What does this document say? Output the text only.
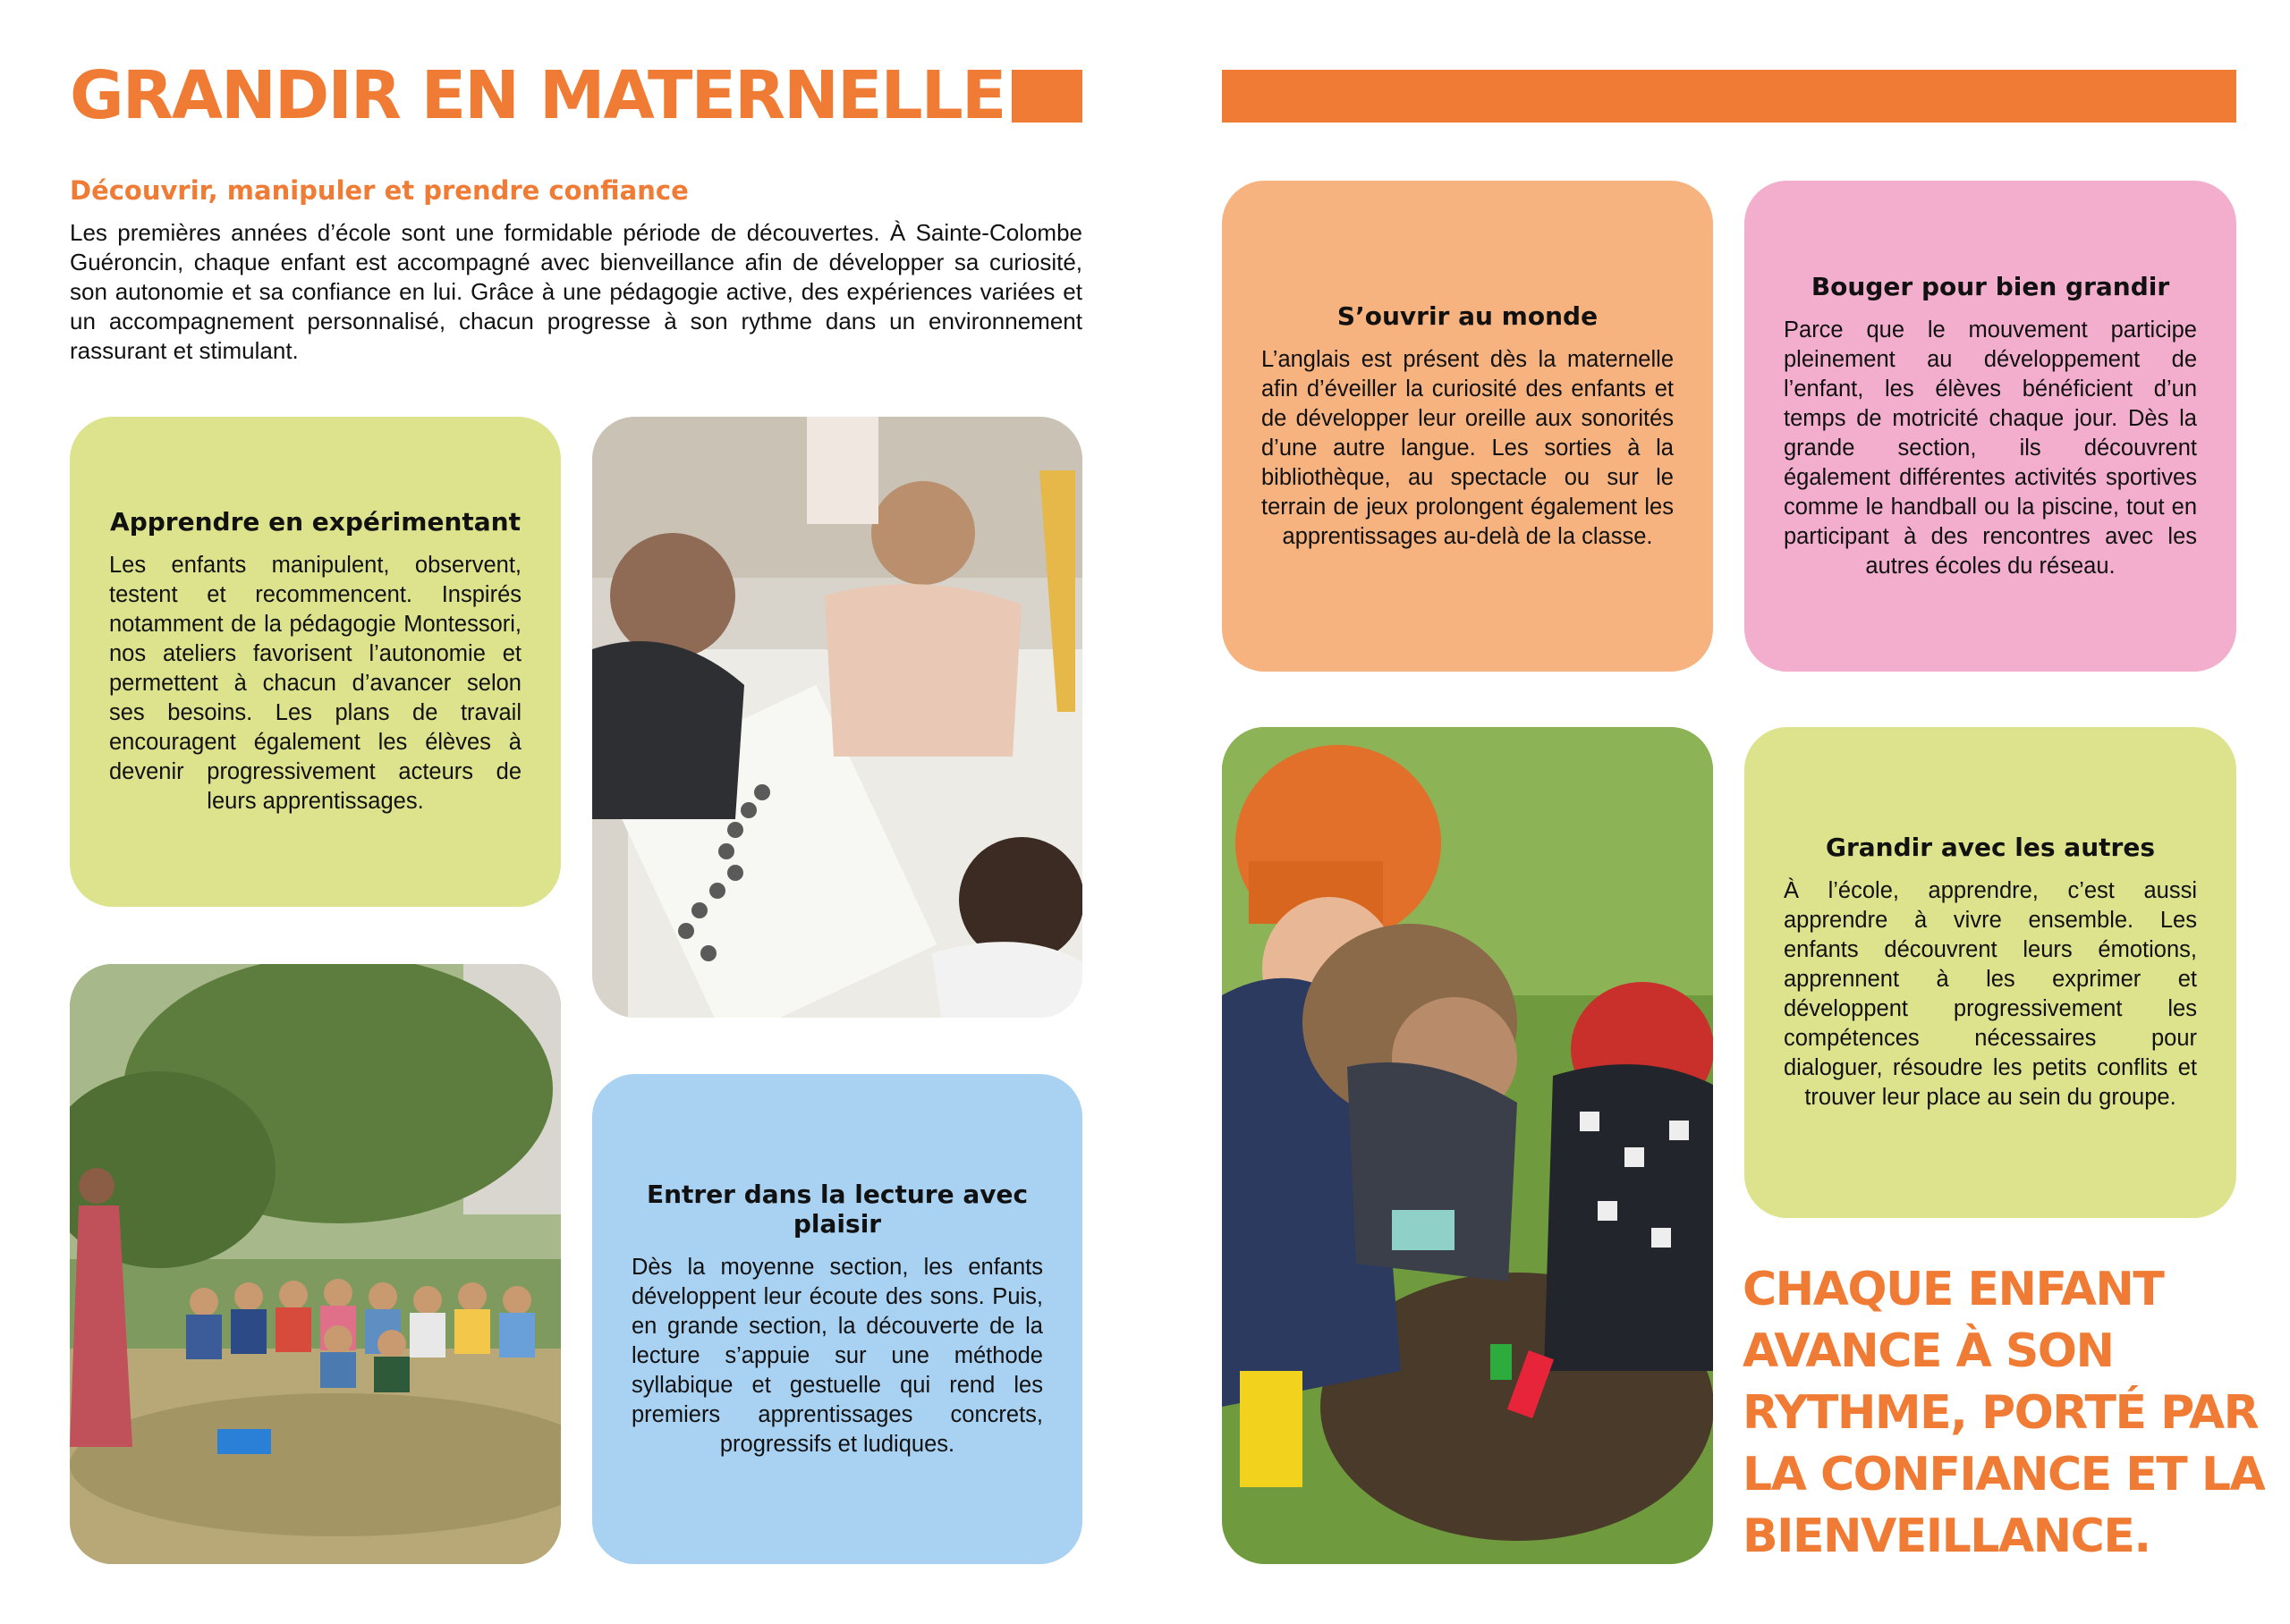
GRANDIR EN MATERNELLE
Découvrir, manipuler et prendre confiance
Les premières années d’école sont une formidable période de découvertes. À Sainte-Colombe Guéroncin, chaque enfant est accompagné avec bienveillance afin de développer sa curiosité, son autonomie et sa confiance en lui. Grâce à une pédagogie active, des expériences variées et un accompagnement personnalisé, chacun progresse à son rythme dans un environnement rassurant et stimulant.
Apprendre en expérimentant

Les enfants manipulent, observent, testent et recommencent. Inspirés notamment de la pédagogie Montessori, nos ateliers favorisent l’autonomie et permettent à chacun d’avancer selon ses besoins. Les plans de travail encouragent également les élèves à devenir progressivement acteurs de leurs apprentissages.

Entrer dans la lecture avec plaisir

Dès la moyenne section, les enfants développent leur écoute des sons. Puis, en grande section, la découverte de la lecture s’appuie sur une méthode syllabique et gestuelle qui rend les premiers apprentissages concrets, progressifs et ludiques.

S’ouvrir au monde

L’anglais est présent dès la maternelle afin d’éveiller la curiosité des enfants et de développer leur oreille aux sonorités d’une autre langue. Les sorties à la bibliothèque, au spectacle ou sur le terrain de jeux prolongent également les apprentissages au-delà de la classe.

Bouger pour bien grandir

Parce que le mouvement participe pleinement au développement de l’enfant, les élèves bénéficient d’un temps de motricité chaque jour. Dès la grande section, ils découvrent également différentes activités sportives comme le handball ou la piscine, tout en participant à des rencontres avec les autres écoles du réseau.

Grandir avec les autres

À l’école, apprendre, c’est aussi apprendre à vivre ensemble. Les enfants découvrent leurs émotions, apprennent à les exprimer et développent progressivement les compétences nécessaires pour dialoguer, résoudre les petits conflits et trouver leur place au sein du groupe.

CHAQUE ENFANT
AVANCE À SON
RYTHME, PORTÉ PAR
LA CONFIANCE ET LA
BIENVEILLANCE.
